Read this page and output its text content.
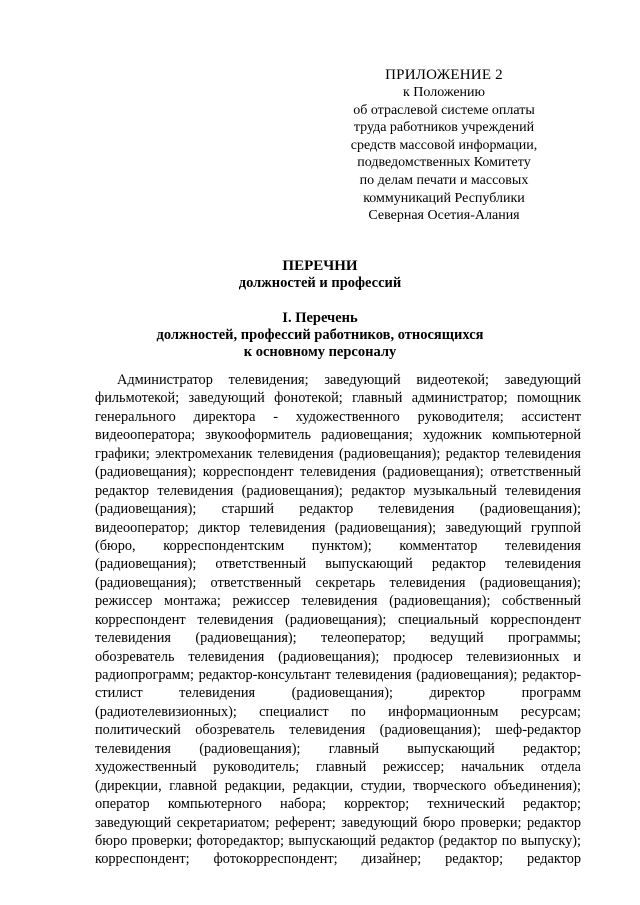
ПРИЛОЖЕНИЕ 2
к Положению
об отраслевой системе оплаты
труда работников учреждений
средств массовой информации,
подведомственных Комитету
по делам печати и массовых
коммуникаций Республики
Северная Осетия-Алания
ПЕРЕЧНИ
должностей и профессий
I. Перечень
должностей, профессий работников, относящихся
к основному персоналу
Администратор телевидения; заведующий видеотекой; заведующий
фильмотекой; заведующий фонотекой; главный администратор; помощник
генерального директора - художественного руководителя; ассистент
видеооператора; звукооформитель радиовещания; художник компьютерной
графики; электромеханик телевидения (радиовещания); редактор телевидения
(радиовещания); корреспондент телевидения (радиовещания); ответственный
редактор телевидения (радиовещания); редактор музыкальный телевидения
(радиовещания); старший редактор телевидения (радиовещания);
видеооператор; диктор телевидения (радиовещания); заведующий группой
(бюро, корреспондентским пунктом); комментатор телевидения
(радиовещания); ответственный выпускающий редактор телевидения
(радиовещания); ответственный секретарь телевидения (радиовещания);
режиссер монтажа; режиссер телевидения (радиовещания); собственный
корреспондент телевидения (радиовещания); специальный корреспондент
телевидения (радиовещания); телеоператор; ведущий программы;
обозреватель телевидения (радиовещания); продюсер телевизионных и
радиопрограмм; редактор-консультант телевидения (радиовещания); редактор-
стилист телевидения (радиовещания); директор программ
(радиотелевизионных); специалист по информационным ресурсам;
политический обозреватель телевидения (радиовещания); шеф-редактор
телевидения (радиовещания); главный выпускающий редактор;
художественный руководитель; главный режиссер; начальник отдела
(дирекции, главной редакции, редакции, студии, творческого объединения);
оператор компьютерного набора; корректор; технический редактор;
заведующий секретариатом; референт; заведующий бюро проверки; редактор
бюро проверки; фоторедактор; выпускающий редактор (редактор по выпуску);
корреспондент; фотокорреспондент; дизайнер; редактор; редактор
